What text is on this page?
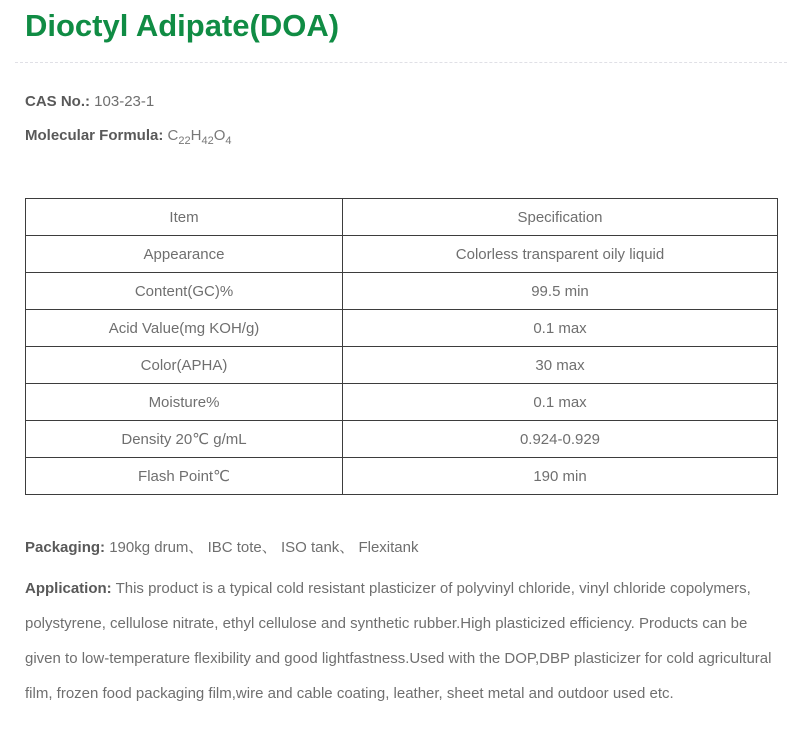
Dioctyl Adipate(DOA)

CAS No.: 103-23-1

Molecular Formula: $C_{22}H_{42}O_4$

Item	Specification
Appearance	Colorless transparent oily liquid
Content(GC)%	99.5 min
Acid Value(mg KOH/g)	0.1 max
Color(APHA)	30 max
Moisture%	0.1 max
Density 20℃ g/mL	0.924-0.929
Flash Point℃	190 min

Packaging: 190kg drum、 IBC tote、 ISO tank、 Flexitank

Application: This product is a typical cold resistant plasticizer of polyvinyl chloride, vinyl chloride copolymers, polystyrene, cellulose nitrate, ethyl cellulose and synthetic rubber.High plasticized efficiency. Products can be given to low-temperature flexibility and good lightfastness.Used with the DOP,DBP plasticizer for cold agricultural film, frozen food packaging film,wire and cable coating, leather, sheet metal and outdoor used etc.
